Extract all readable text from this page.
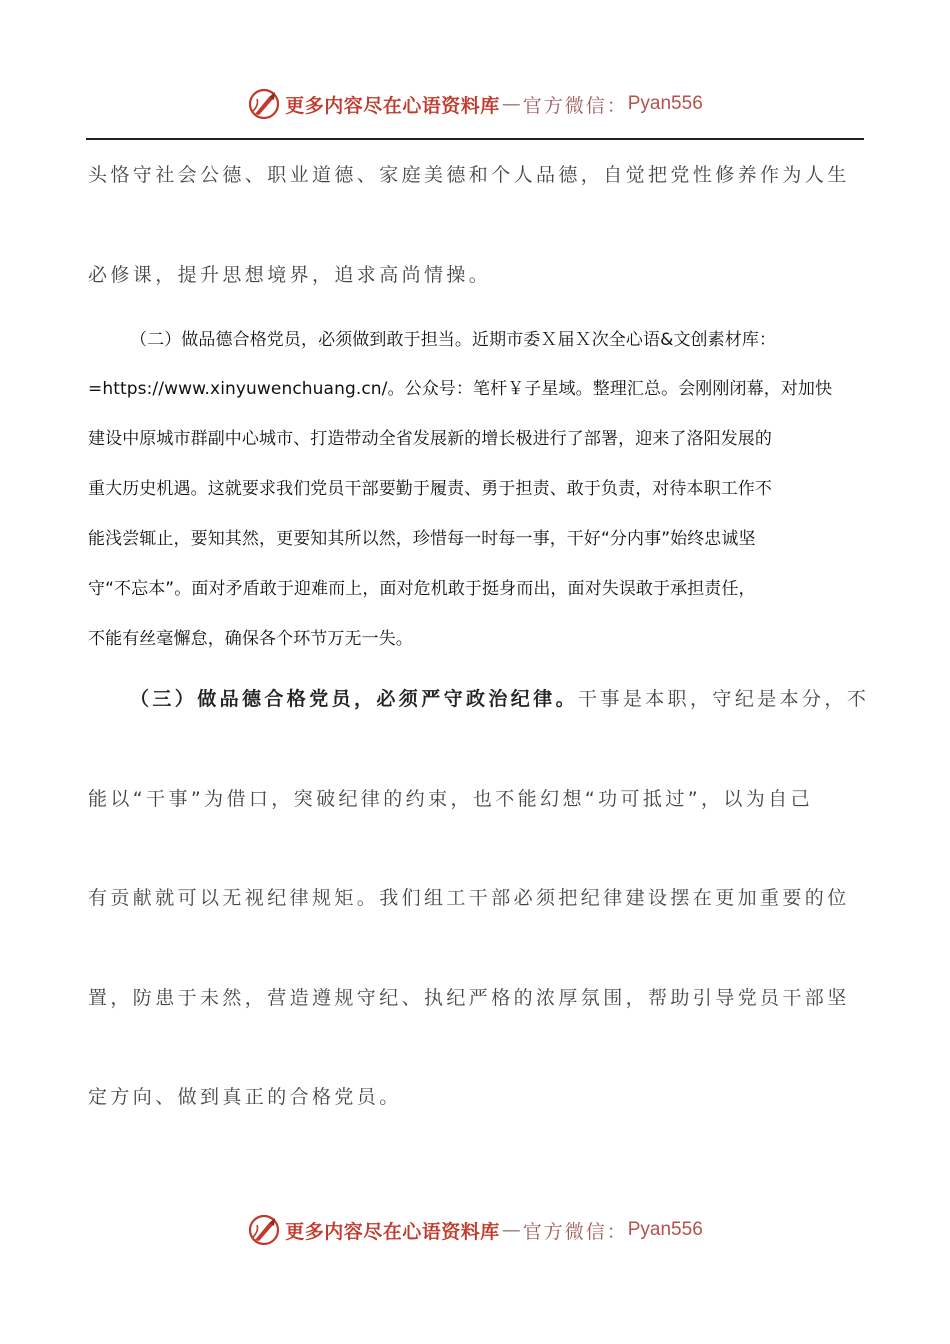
更多内容尽在心语资料库 — 官方微信： Pyan556
头恪守社会公德、职业道德、家庭美德和个人品德，自觉把党性修养作为人生
必修课，提升思想境界，追求高尚情操。
（二）做品德合格党员，必须做到敢于担当。近期市委Ｘ届Ｘ次全心语&文创素材库：
=https://www.xinyuwenchuang.cn/。公众号：笔杆￥子星域。整理汇总。会刚刚闭幕，对加快
建设中原城市群副中心城市、打造带动全省发展新的增长极进行了部署，迎来了洛阳发展的
重大历史机遇。这就要求我们党员干部要勤于履责、勇于担责、敢于负责，对待本职工作不
能浅尝辄止，要知其然，更要知其所以然，珍惜每一时每一事，干好“分内事”始终忠诚坚
守“不忘本”。面对矛盾敢于迎难而上，面对危机敢于挺身而出，面对失误敢于承担责任，
不能有丝毫懈怠，确保各个环节万无一失。
（三）做品德合格党员，必须严守政治纪律。干事是本职，守纪是本分，不
能以“干事”为借口，突破纪律的约束，也不能幻想“功可抵过”，以为自己
有贡献就可以无视纪律规矩。我们组工干部必须把纪律建设摆在更加重要的位
置，防患于未然，营造遵规守纪、执纪严格的浓厚氛围，帮助引导党员干部坚
定方向、做到真正的合格党员。
更多内容尽在心语资料库 — 官方微信： Pyan556
